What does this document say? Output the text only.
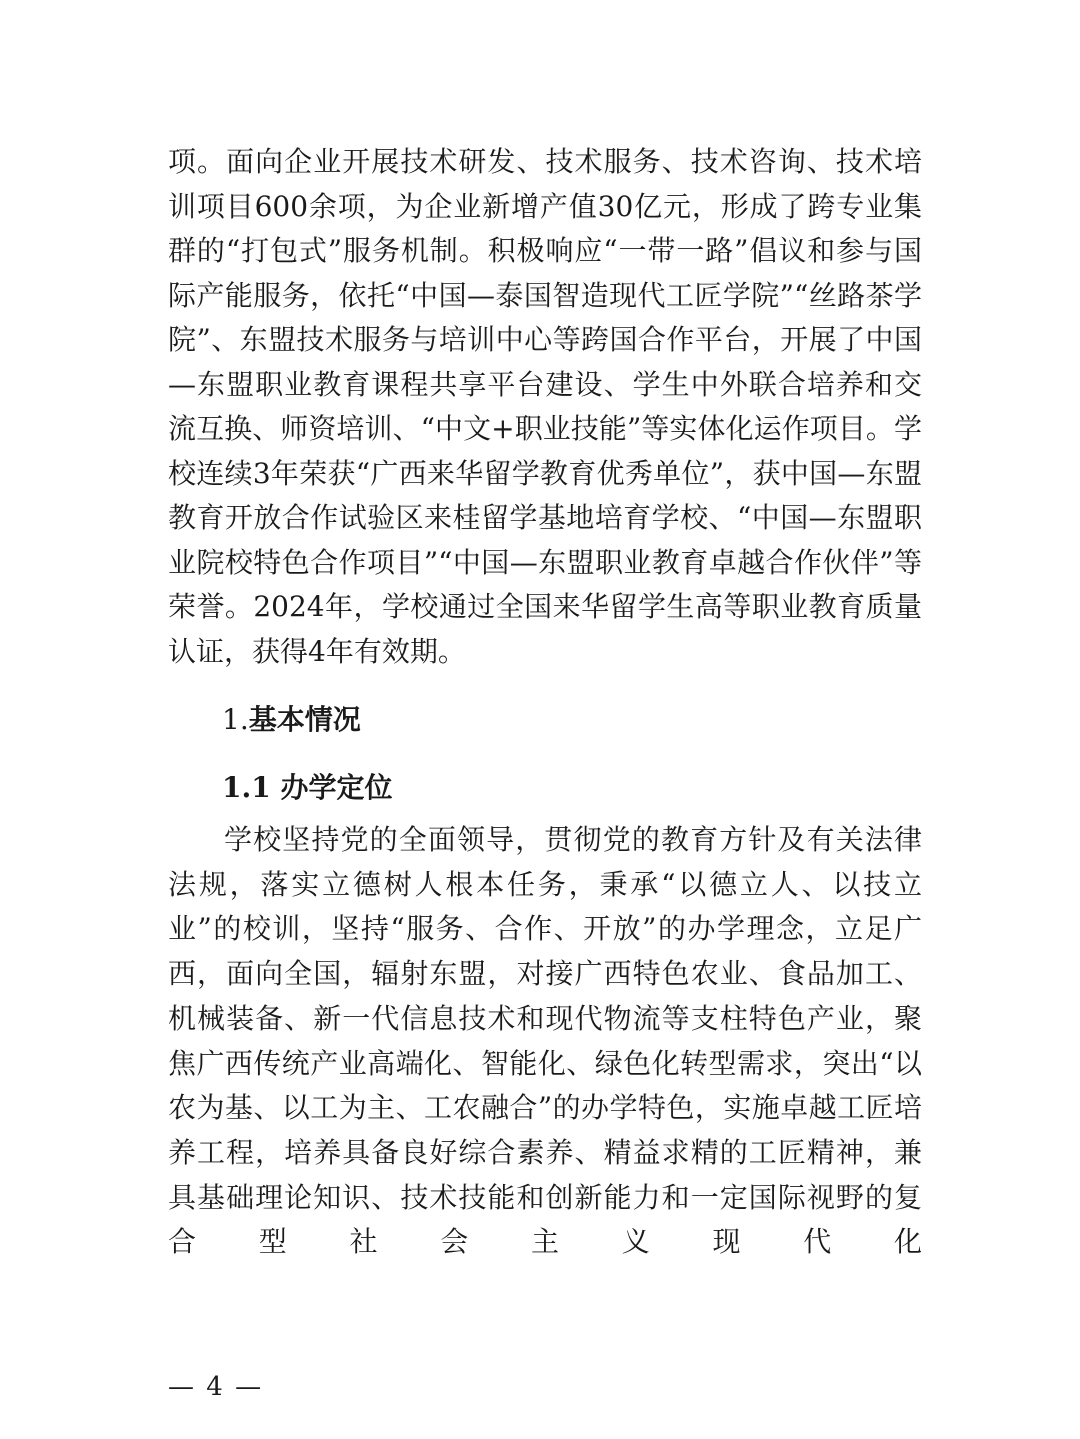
项。面向企业开展技术研发、技术服务、技术咨询、技术培训项目600余项，为企业新增产值30亿元，形成了跨专业集群的“打包式”服务机制。积极响应“一带一路”倡议和参与国际产能服务，依托“中国—泰国智造现代工匠学院”“丝路茶学院”、东盟技术服务与培训中心等跨国合作平台，开展了中国—东盟职业教育课程共享平台建设、学生中外联合培养和交流互换、师资培训、“中文+职业技能”等实体化运作项目。学校连续3年荣获“广西来华留学教育优秀单位”，获中国—东盟教育开放合作试验区来桂留学基地培育学校、“中国—东盟职业院校特色合作项目”“中国—东盟职业教育卓越合作伙伴”等荣誉。2024年，学校通过全国来华留学生高等职业教育质量认证，获得4年有效期。

1.基本情况
1.1 办学定位

学校坚持党的全面领导，贯彻党的教育方针及有关法律法规，落实立德树人根本任务，秉承“以德立人、以技立业”的校训，坚持“服务、合作、开放”的办学理念，立足广西，面向全国，辐射东盟，对接广西特色农业、食品加工、机械装备、新一代信息技术和现代物流等支柱特色产业，聚焦广西传统产业高端化、智能化、绿色化转型需求，突出“以农为基、以工为主、工农融合”的办学特色，实施卓越工匠培养工程，培养具备良好综合素养、精益求精的工匠精神，兼具基础理论知识、技术技能和创新能力和一定国际视野的复合型社会主义现代化

— 4 —
